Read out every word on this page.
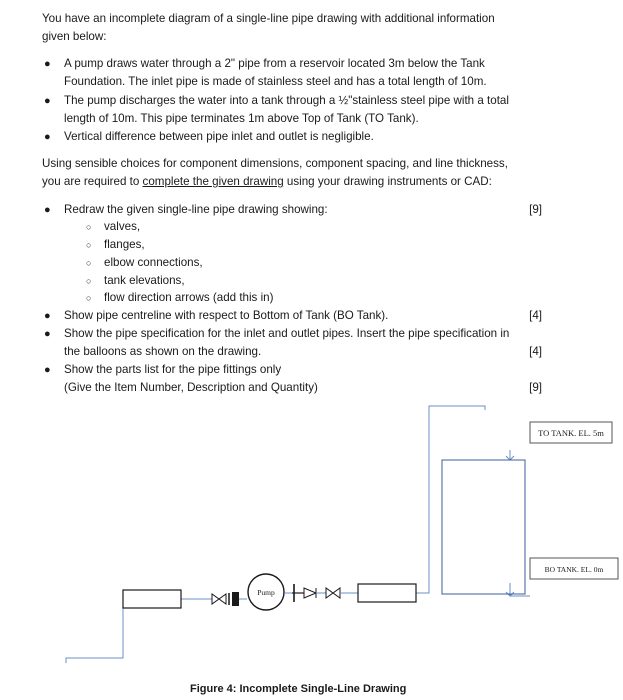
You have an incomplete diagram of a single-line pipe drawing with additional information
given below:
● A pump draws water through a 2" pipe from a reservoir located 3m below the Tank
Foundation. The inlet pipe is made of stainless steel and has a total length of 10m.
● The pump discharges the water into a tank through a ½"stainless steel pipe with a total
length of 10m. This pipe terminates 1m above Top of Tank (TO Tank).
● Vertical difference between pipe inlet and outlet is negligible.
Using sensible choices for component dimensions, component spacing, and line thickness,
you are required to complete the given drawing using your drawing instruments or CAD:
● Redraw the given single-line pipe drawing showing:	[9]
○ valves,
○ flanges,
○ elbow connections,
○ tank elevations,
○ flow direction arrows (add this in)
● Show pipe centreline with respect to Bottom of Tank (BO Tank).	[4]
● Show the pipe specification for the inlet and outlet pipes. Insert the pipe specification in
the balloons as shown on the drawing.	[4]
● Show the parts list for the pipe fittings only
(Give the Item Number, Description and Quantity)	[9]
TO TANK. EL. 5m
BO TANK. EL. 0m
Pump
Figure 4: Incomplete Single-Line Drawing
